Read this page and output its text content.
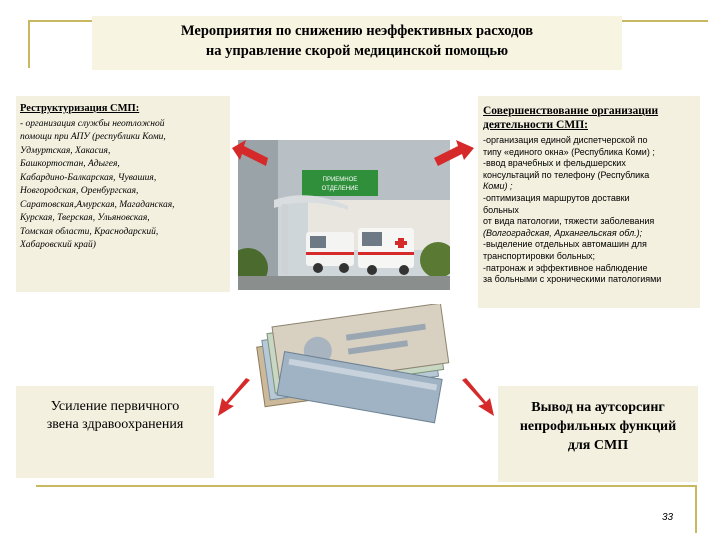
Мероприятия по снижению неэффективных расходов
на управление скорой медицинской помощью
Реструктуризация СМП:
- организация службы неотложной
помощи при АПУ (республики Коми,
Удмуртская, Хакасия,
Башкортостан, Адыгея,
Кабардино-Балкарская, Чувашия,
Новгородская, Оренбургская,
Саратовская,Амурская, Магаданская,
Курская, Тверская, Ульяновская,
Томская области, Краснодарский,
Хабаровский край)
Совершенствование организации
деятельности СМП:
-организация единой диспетчерской по
типу «единого окна» (Республика Коми) ;
-ввод врачебных и фельдшерских
консультаций по телефону (Республика
Коми) ;
-оптимизация маршрутов доставки
больных
от вида патологии, тяжести заболевания
(Волгоградская, Архангельская обл.);
-выделение отдельных автомашин для
транспортировки больных;
-патронаж и эффективное наблюдение
за больными с хроническими патологиями
Усиление первичного
звена здравоохранения
Вывод на аутсорсинг
непрофильных функций
для СМП
ПРИЕМНОЕ
ОТДЕЛЕНИЕ
33
